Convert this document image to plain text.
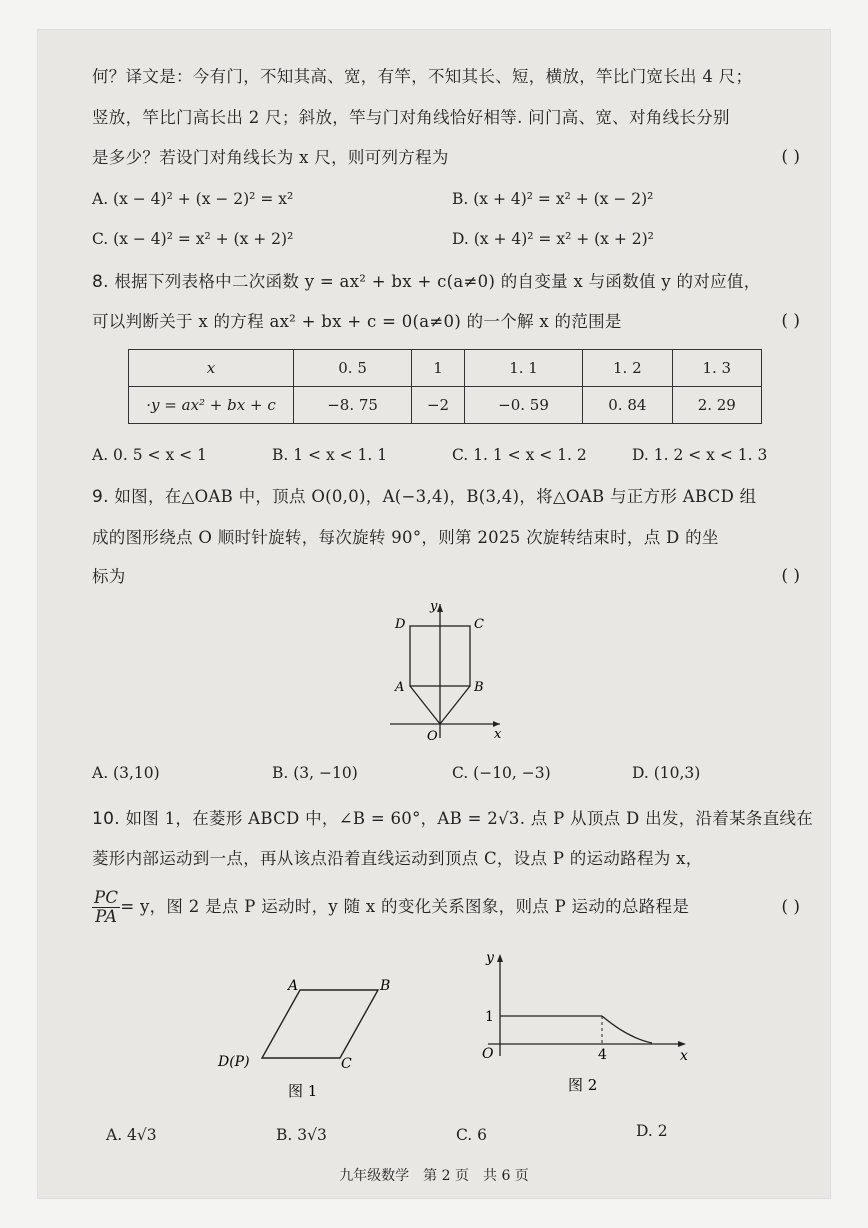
何？译文是：今有门，不知其高、宽，有竿，不知其长、短，横放，竿比门宽长出 4 尺；
竖放，竿比门高长出 2 尺；斜放，竿与门对角线恰好相等. 问门高、宽、对角线长分别
是多少？若设门对角线长为 x 尺，则可列方程为	( )
A. (x − 4)² + (x − 2)² = x²	B. (x + 4)² = x² + (x − 2)²
C. (x − 4)² = x² + (x + 2)²	D. (x + 4)² = x² + (x + 2)²
8. 根据下列表格中二次函数 y = ax² + bx + c(a≠0) 的自变量 x 与函数值 y 的对应值，
可以判断关于 x 的方程 ax² + bx + c = 0(a≠0) 的一个解 x 的范围是	( )
x	0. 5	1	1. 1	1. 2	1. 3
·y = ax² + bx + c	−8. 75	−2	−0. 59	0. 84	2. 29
A. 0. 5 < x < 1	B. 1 < x < 1. 1	C. 1. 1 < x < 1. 2	D. 1. 2 < x < 1. 3
9. 如图，在△OAB 中，顶点 O(0,0)，A(−3,4)，B(3,4)，将△OAB 与正方形 ABCD 组
成的图形绕点 O 顺时针旋转，每次旋转 90°，则第 2025 次旋转结束时，点 D 的坐
标为	( )
y
x
O
A	B
C
D
A. (3,10)	B. (3, −10)	C. (−10, −3)	D. (10,3)
10. 如图 1，在菱形 ABCD 中，∠B = 60°，AB = 2√3. 点 P 从顶点 D 出发，沿着某条直线在
菱形内部运动到一点，再从该点沿着直线运动到顶点 C，设点 P 的运动路程为 x，
$\frac{PC}{PA} = y$，图 2 是点 P 运动时，y 随 x 的变化关系图象，则点 P 运动的总路程是	( )
A	B
C
D(P)
图 1
y
x
O
1
4
图 2
A. 4√3	B. 3√3	C. 6	D. 2
九年级数学　第 2 页　共 6 页
